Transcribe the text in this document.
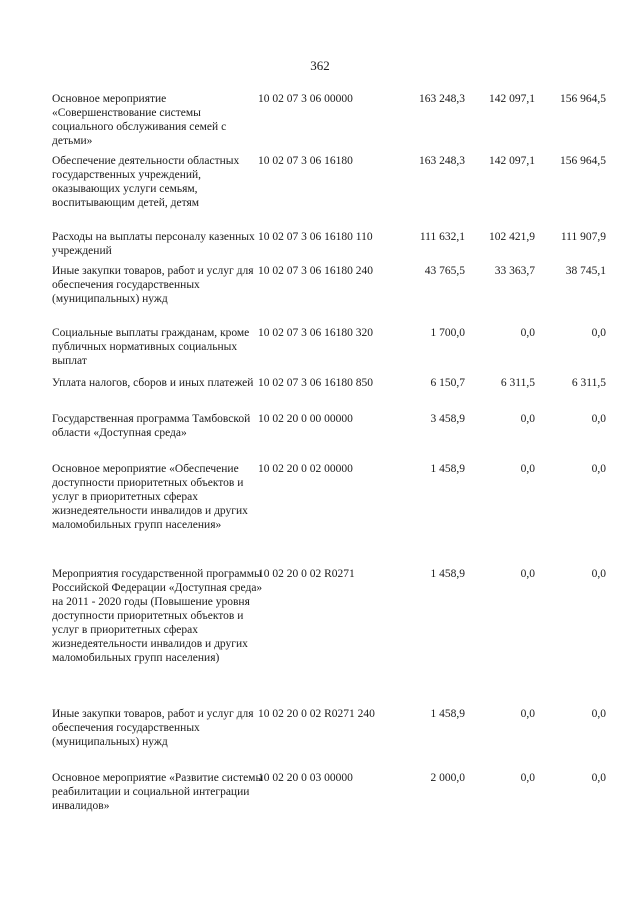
362
Основное мероприятие «Совершенствование системы социального обслуживания семей с детьми»
10 02 07 3 06 00000	163 248,3 142 097,1 156 964,5
Обеспечение деятельности областных государственных учреждений, оказывающих услуги семьям, воспитывающим детей, детям
10 02 07 3 06 16180	163 248,3 142 097,1 156 964,5
Расходы на выплаты персоналу казенных учреждений
10 02 07 3 06 16180 110	111 632,1 102 421,9 111 907,9
Иные закупки товаров, работ и услуг для обеспечения государственных (муниципальных) нужд
10 02 07 3 06 16180 240	43 765,5	33 363,7	38 745,1
Социальные выплаты гражданам, кроме публичных нормативных социальных выплат
10 02 07 3 06 16180 320	1 700,0	0,0	0,0
Уплата налогов, сборов и иных платежей 10 02 07 3 06 16180 850	6 150,7	6 311,5	6 311,5
Государственная программа Тамбовской области «Доступная среда»
10 02 20 0 00 00000	3 458,9	0,0	0,0
Основное мероприятие «Обеспечение доступности приоритетных объектов и услуг в приоритетных сферах жизнедеятельности инвалидов и других маломобильных групп населения»
10 02 20 0 02 00000	1 458,9	0,0	0,0
Мероприятия государственной программы Российской Федерации «Доступная среда» на 2011 - 2020 годы (Повышение уровня доступности приоритетных объектов и услуг в приоритетных сферах жизнедеятельности инвалидов и других маломобильных групп населения)
10 02 20 0 02 R0271	1 458,9	0,0	0,0
Иные закупки товаров, работ и услуг для обеспечения государственных (муниципальных) нужд
10 02 20 0 02 R0271 240	1 458,9	0,0	0,0
Основное мероприятие «Развитие системы реабилитации и социальной интеграции инвалидов»
10 02 20 0 03 00000	2 000,0	0,0	0,0
